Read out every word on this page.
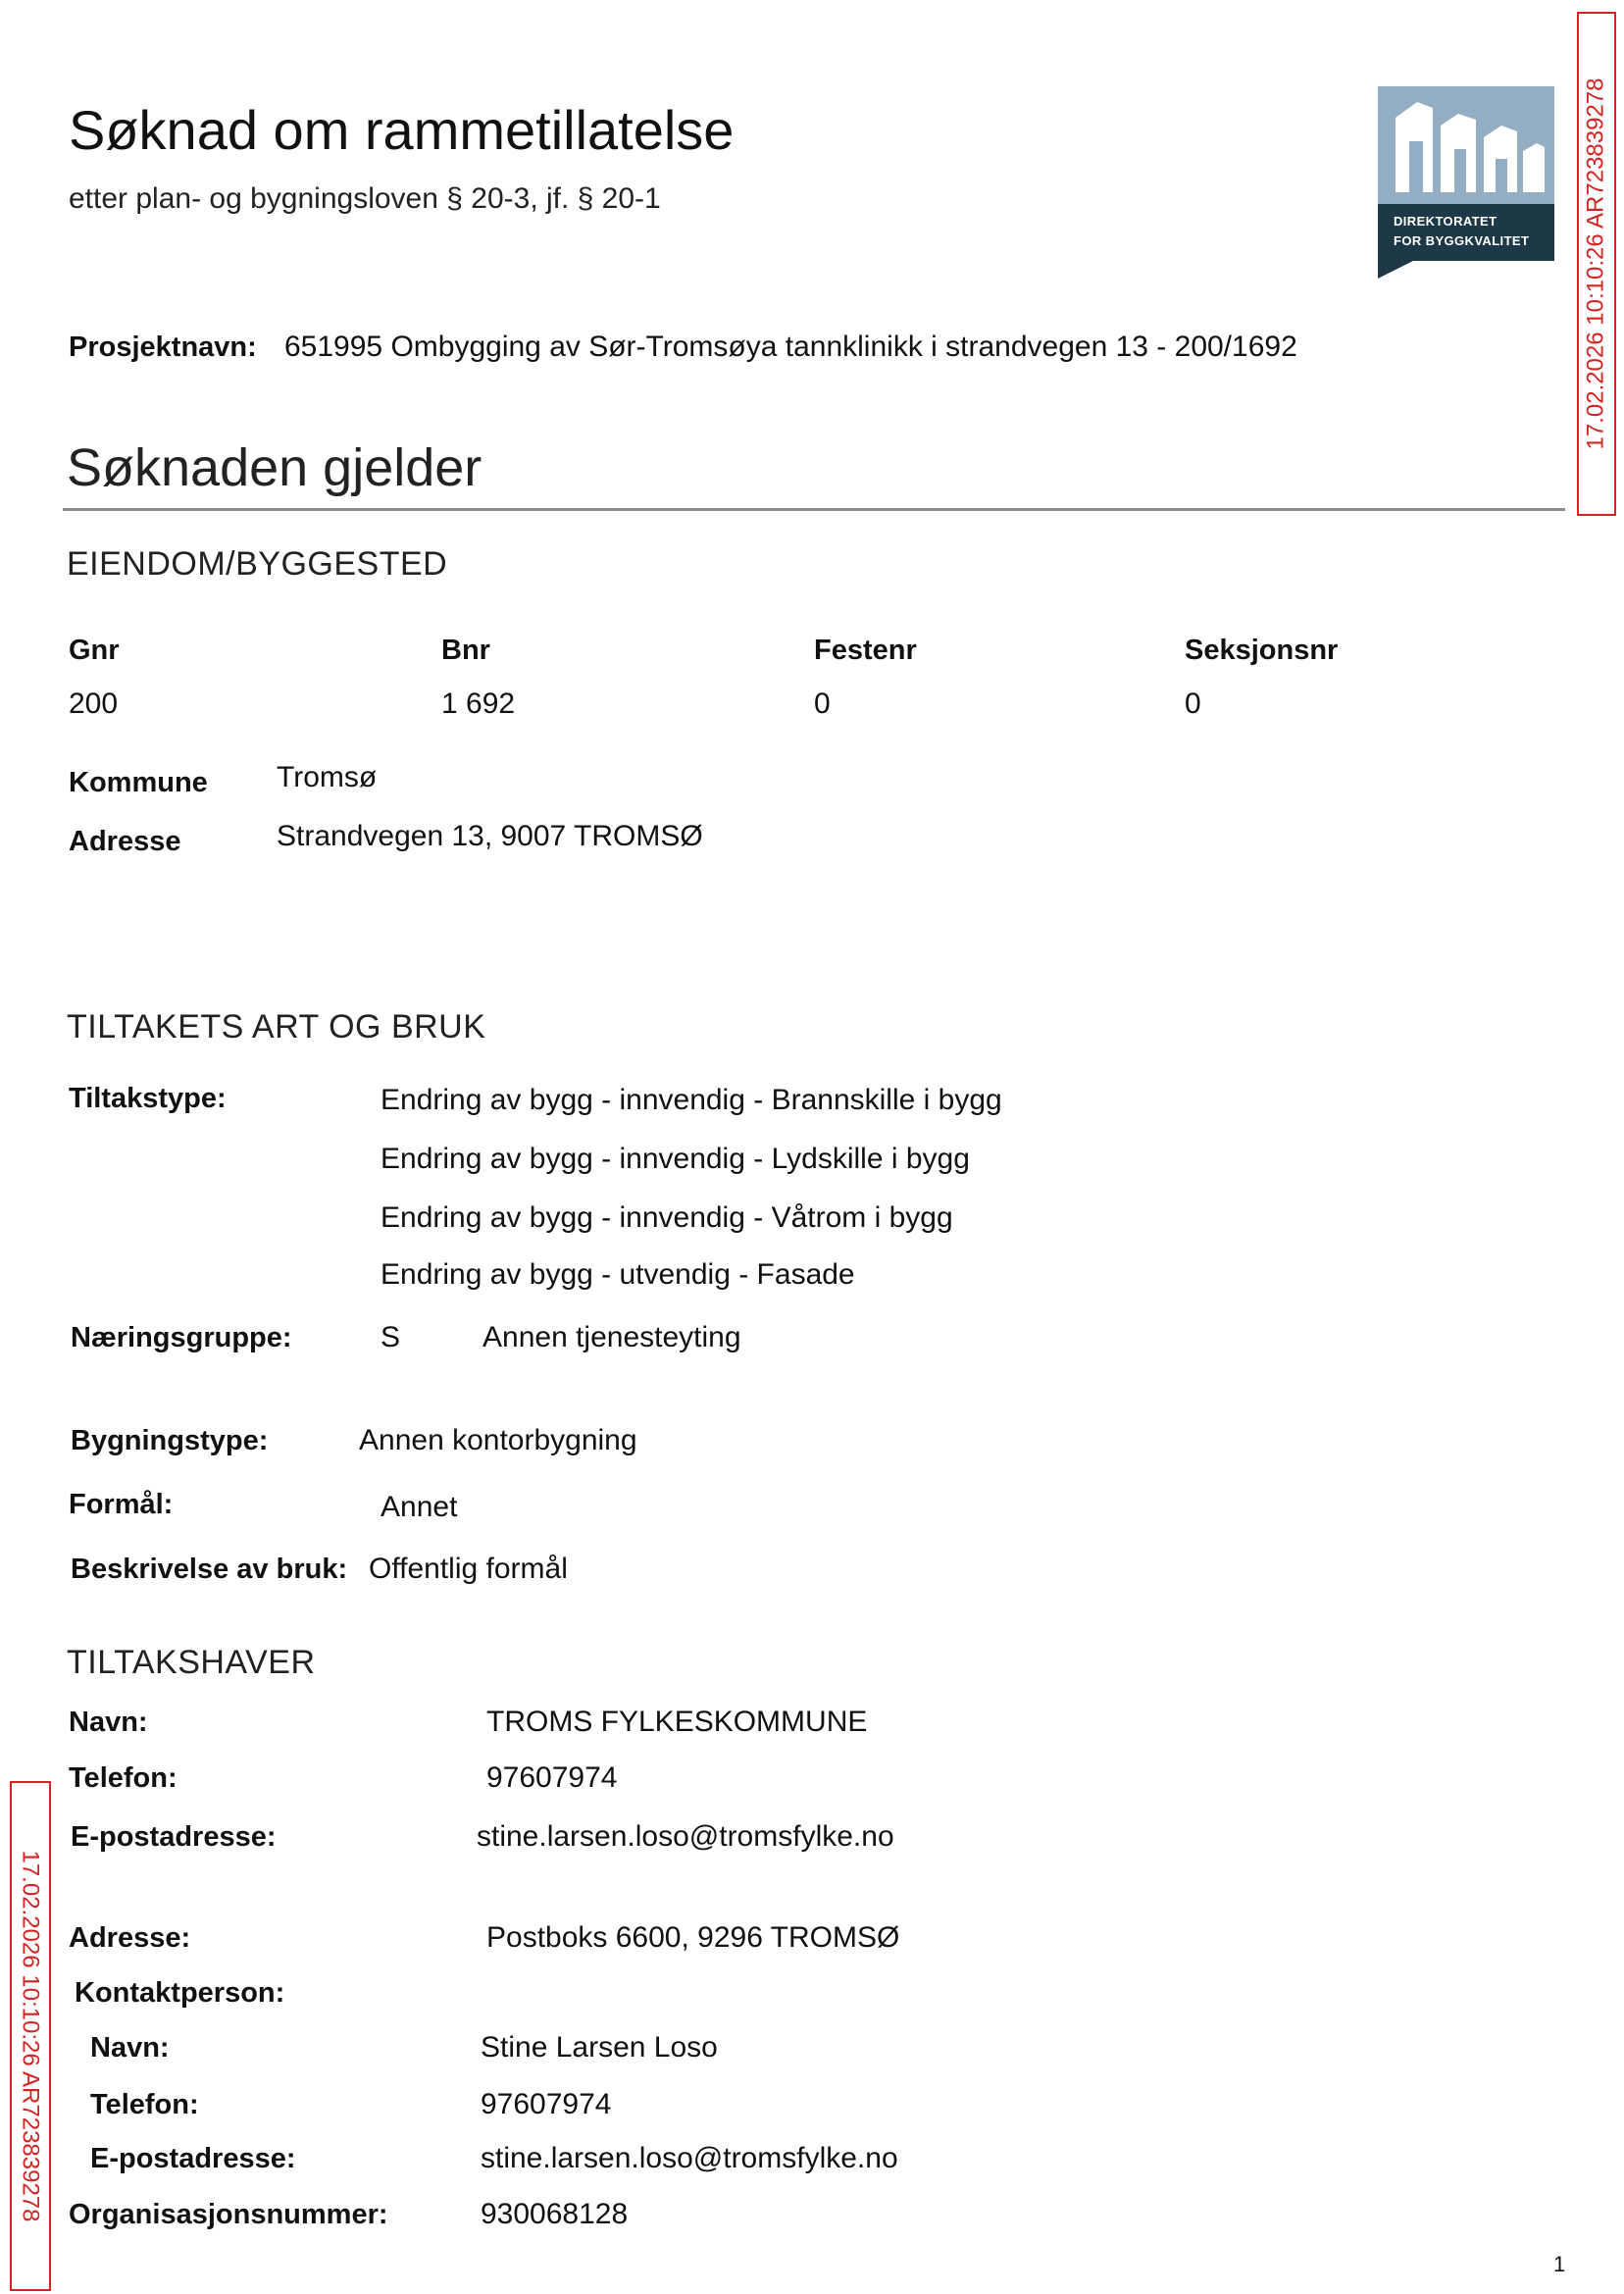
Søknad om rammetillatelse
etter plan- og bygningsloven § 20-3, jf. § 20-1
DIREKTORATET
FOR BYGGKVALITET 17.02.2026 10:10:26 AR723839278
17.02.2026 10:10:26 AR723839278
Prosjektnavn: 651995 Ombygging av Sør-Tromsøya tannklinikk i strandvegen 13 - 200/1692
Søknaden gjelder
EIENDOM/BYGGESTED
Gnr	Bnr	Festenr	Seksjonsnr
200	1 692	0	0
Kommune Tromsø
Adresse	Strandvegen 13, 9007 TROMSØ
TILTAKETS ART OG BRUK
Tiltakstype:	Endring av bygg - innvendig - Brannskille i bygg
Endring av bygg - innvendig - Lydskille i bygg
Endring av bygg - innvendig - Våtrom i bygg
Endring av bygg - utvendig - Fasade
Næringsgruppe:	S	Annen tjenesteyting
Bygningstype:	Annen kontorbygning
Formål:	Annet
Beskrivelse av bruk: Offentlig formål
TILTAKSHAVER
Navn:	TROMS FYLKESKOMMUNE
Telefon:	97607974
E-postadresse:	stine.larsen.loso@tromsfylke.no
Adresse:	Postboks 6600, 9296 TROMSØ
Kontaktperson:
Navn:	Stine Larsen Loso
Telefon:	97607974
E-postadresse:	stine.larsen.loso@tromsfylke.no
Organisasjonsnummer:	930068128
1
